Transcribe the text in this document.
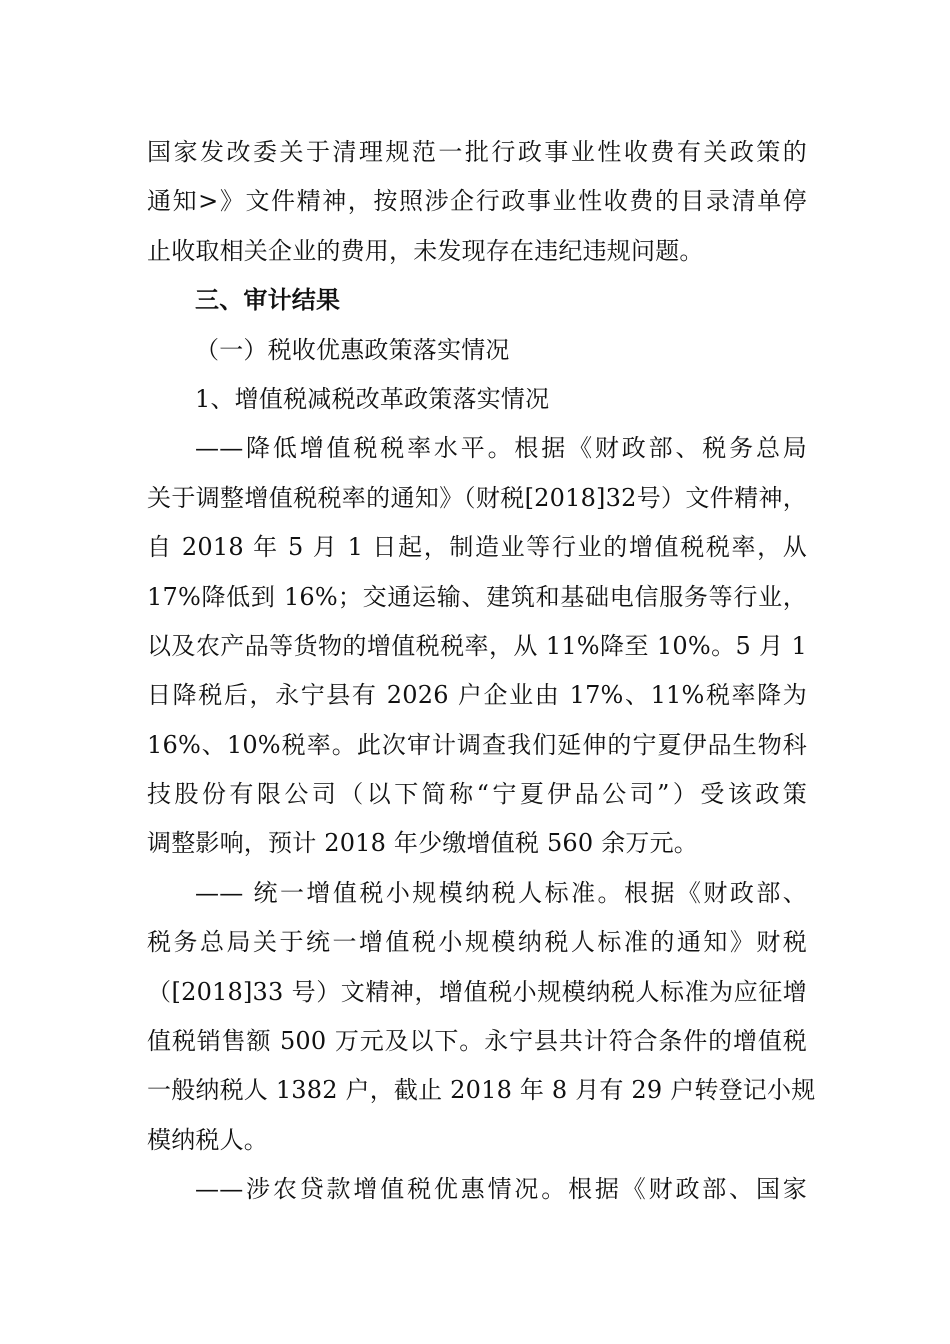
国家发改委关于清理规范一批行政事业性收费有关政策的
通知>》文件精神，按照涉企行政事业性收费的目录清单停
止收取相关企业的费用，未发现存在违纪违规问题。
三、审计结果
（一）税收优惠政策落实情况
1、增值税减税改革政策落实情况
——降低增值税税率水平。根据《财政部、税务总局
关于调整增值税税率的通知》（财税[2018]32号）文件精神，
自 2018 年 5 月 1 日起，制造业等行业的增值税税率，从
17%降低到 16%；交通运输、建筑和基础电信服务等行业，
以及农产品等货物的增值税税率，从 11%降至 10%。5 月 1
日降税后，永宁县有 2026 户企业由 17%、11%税率降为
16%、10%税率。此次审计调查我们延伸的宁夏伊品生物科
技股份有限公司（以下简称“宁夏伊品公司”）受该政策
调整影响，预计 2018 年少缴增值税 560 余万元。
—— 统一增值税小规模纳税人标准。根据《财政部、
税务总局关于统一增值税小规模纳税人标准的通知》财税
（[2018]33 号）文精神，增值税小规模纳税人标准为应征增
值税销售额 500 万元及以下。永宁县共计符合条件的增值税
一般纳税人 1382 户，截止 2018 年 8 月有 29 户转登记小规
模纳税人。
——涉农贷款增值税优惠情况。根据《财政部、国家
